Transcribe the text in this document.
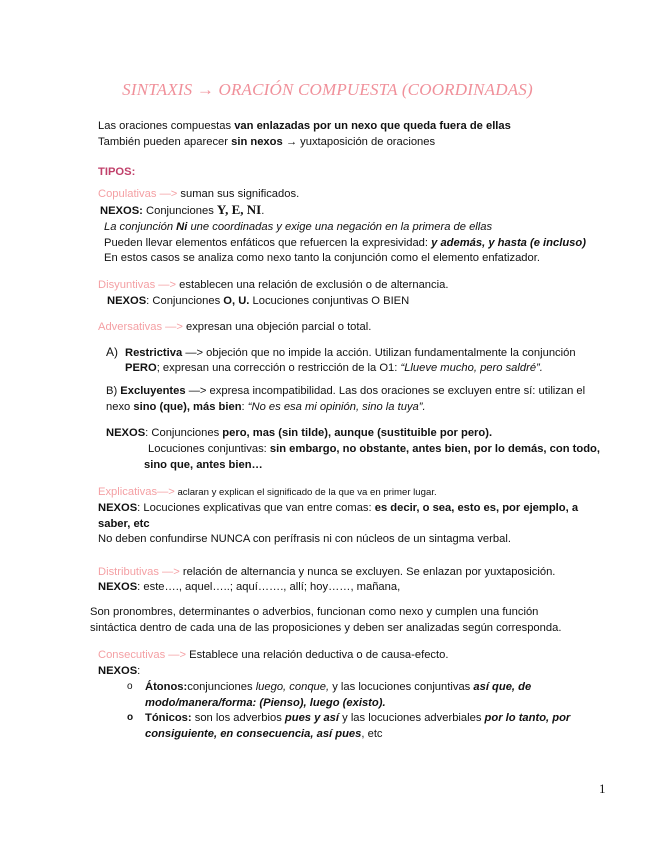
SINTAXIS → ORACIÓN COMPUESTA (COORDINADAS)
Las oraciones compuestas van enlazadas por un nexo que queda fuera de ellas
También pueden aparecer sin nexos → yuxtaposición de oraciones
TIPOS:
Copulativas —> suman sus significados.
NEXOS: Conjunciones Y, E, NI.
La conjunción Ni une coordinadas y exige una negación en la primera de ellas
Pueden llevar elementos enfáticos que refuercen la expresividad: y además, y hasta (e incluso)
En estos casos se analiza como nexo tanto la conjunción como el elemento enfatizador.
Disyuntivas —> establecen una relación de exclusión o de alternancia.
NEXOS: Conjunciones O, U. Locuciones conjuntivas O BIEN
Adversativas —> expresan una objeción parcial o total.
A) Restrictiva —> objeción que no impide la acción. Utilizan fundamentalmente la conjunción
PERO; expresan una corrección o restricción de la O1: “Llueve mucho, pero saldré”.
B) Excluyentes —> expresa incompatibilidad. Las dos oraciones se excluyen entre sí: utilizan el
nexo sino (que), más bien: “No es esa mi opinión, sino la tuya”.
NEXOS: Conjunciones pero, mas (sin tilde), aunque (sustituible por pero).
Locuciones conjuntivas: sin embargo, no obstante, antes bien, por lo demás, con todo,
sino que, antes bien…
Explicativas—> aclaran y explican el significado de la que va en primer lugar.
NEXOS: Locuciones explicativas que van entre comas: es decir, o sea, esto es, por ejemplo, a
saber, etc
No deben confundirse NUNCA con perífrasis ni con núcleos de un sintagma verbal.
Distributivas —> relación de alternancia y nunca se excluyen. Se enlazan por yuxtaposición.
NEXOS: este…., aquel…..; aquí……., allí; hoy……, mañana,
Son pronombres, determinantes o adverbios, funcionan como nexo y cumplen una función
sintáctica dentro de cada una de las proposiciones y deben ser analizadas según corresponda.
Consecutivas —> Establece una relación deductiva o de causa-efecto.
NEXOS:
o Átonos:conjunciones luego, conque, y las locuciones conjuntivas así que, de
modo/manera/forma: (Pienso), luego (existo).
o Tónicos: son los adverbios pues y así y las locuciones adverbiales por lo tanto, por
consiguiente, en consecuencia, así pues, etc
1
